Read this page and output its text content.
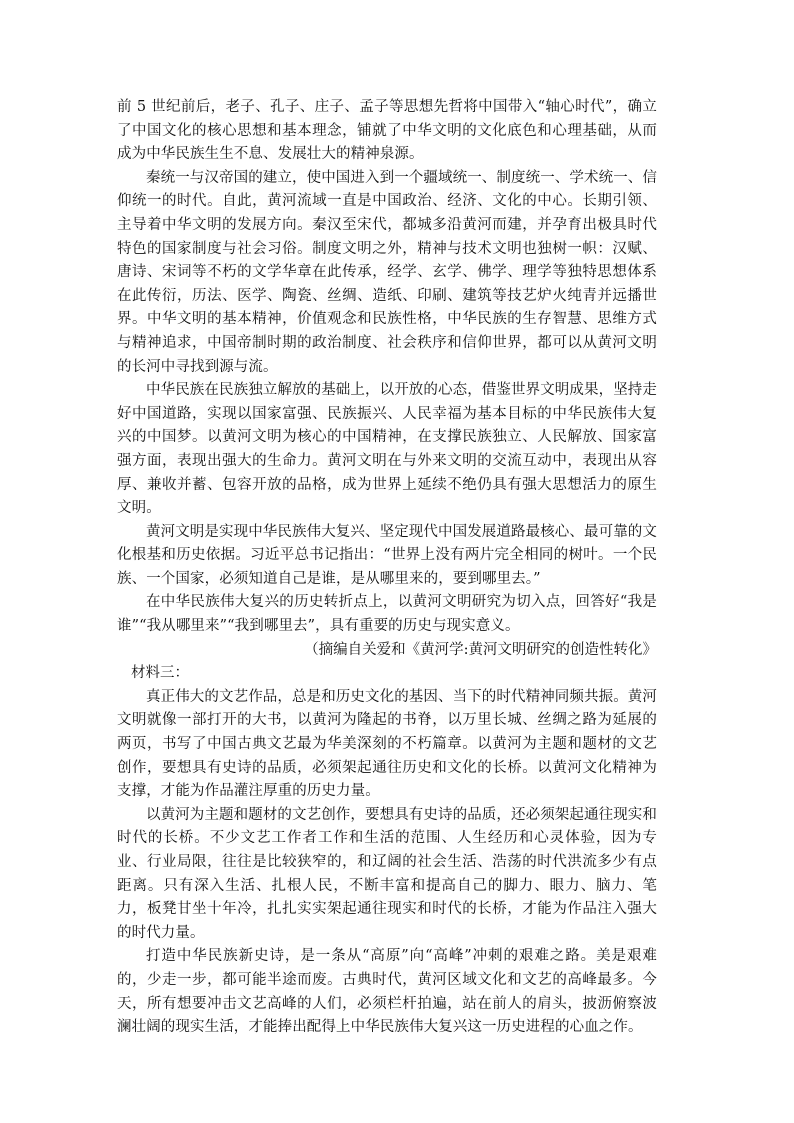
前 5 世纪前后，老子、孔子、庄子、孟子等思想先哲将中国带入“轴心时代”，确立了中国文化的核心思想和基本理念，铺就了中华文明的文化底色和心理基础，从而成为中华民族生生不息、发展壮大的精神泉源。

秦统一与汉帝国的建立，使中国进入到一个疆域统一、制度统一、学术统一、信仰统一的时代。自此，黄河流域一直是中国政治、经济、文化的中心。长期引领、主导着中华文明的发展方向。秦汉至宋代，都城多沿黄河而建，并孕育出极具时代特色的国家制度与社会习俗。制度文明之外，精神与技术文明也独树一帜：汉赋、唐诗、宋词等不朽的文学华章在此传承，经学、玄学、佛学、理学等独特思想体系在此传衍，历法、医学、陶瓷、丝绸、造纸、印刷、建筑等技艺炉火纯青并远播世界。中华文明的基本精神，价值观念和民族性格，中华民族的生存智慧、思维方式与精神追求，中国帝制时期的政治制度、社会秩序和信仰世界，都可以从黄河文明的长河中寻找到源与流。

中华民族在民族独立解放的基础上，以开放的心态，借鉴世界文明成果，坚持走好中国道路，实现以国家富强、民族振兴、人民幸福为基本目标的中华民族伟大复兴的中国梦。以黄河文明为核心的中国精神，在支撑民族独立、人民解放、国家富强方面，表现出强大的生命力。黄河文明在与外来文明的交流互动中，表现出从容厚、兼收并蓄、包容开放的品格，成为世界上延续不绝仍具有强大思想活力的原生文明。

黄河文明是实现中华民族伟大复兴、坚定现代中国发展道路最核心、最可靠的文化根基和历史依据。习近平总书记指出：“世界上没有两片完全相同的树叶。一个民族、一个国家，必须知道自己是谁，是从哪里来的，要到哪里去。”

在中华民族伟大复兴的历史转折点上，以黄河文明研究为切入点，回答好“我是谁”“我从哪里来”“我到哪里去”，具有重要的历史与现实意义。

（摘编自关爱和《黄河学:黄河文明研究的创造性转化》

材料三：

真正伟大的文艺作品，总是和历史文化的基因、当下的时代精神同频共振。黄河文明就像一部打开的大书，以黄河为隆起的书脊，以万里长城、丝绸之路为延展的两页，书写了中国古典文艺最为华美深刻的不朽篇章。以黄河为主题和题材的文艺创作，要想具有史诗的品质，必须架起通往历史和文化的长桥。以黄河文化精神为支撑，才能为作品灌注厚重的历史力量。

以黄河为主题和题材的文艺创作，要想具有史诗的品质，还必须架起通往现实和时代的长桥。不少文艺工作者工作和生活的范围、人生经历和心灵体验，因为专业、行业局限，往往是比较狭窄的，和辽阔的社会生活、浩荡的时代洪流多少有点距离。只有深入生活、扎根人民，不断丰富和提高自己的脚力、眼力、脑力、笔力，板凳甘坐十年冷，扎扎实实架起通往现实和时代的长桥，才能为作品注入强大的时代力量。

打造中华民族新史诗，是一条从“高原”向“高峰”冲刺的艰难之路。美是艰难的，少走一步，都可能半途而废。古典时代，黄河区域文化和文艺的高峰最多。今天，所有想要冲击文艺高峰的人们，必须栏杆拍遍，站在前人的肩头，披沥俯察波澜壮阔的现实生活，才能捧出配得上中华民族伟大复兴这一历史进程的心血之作。
